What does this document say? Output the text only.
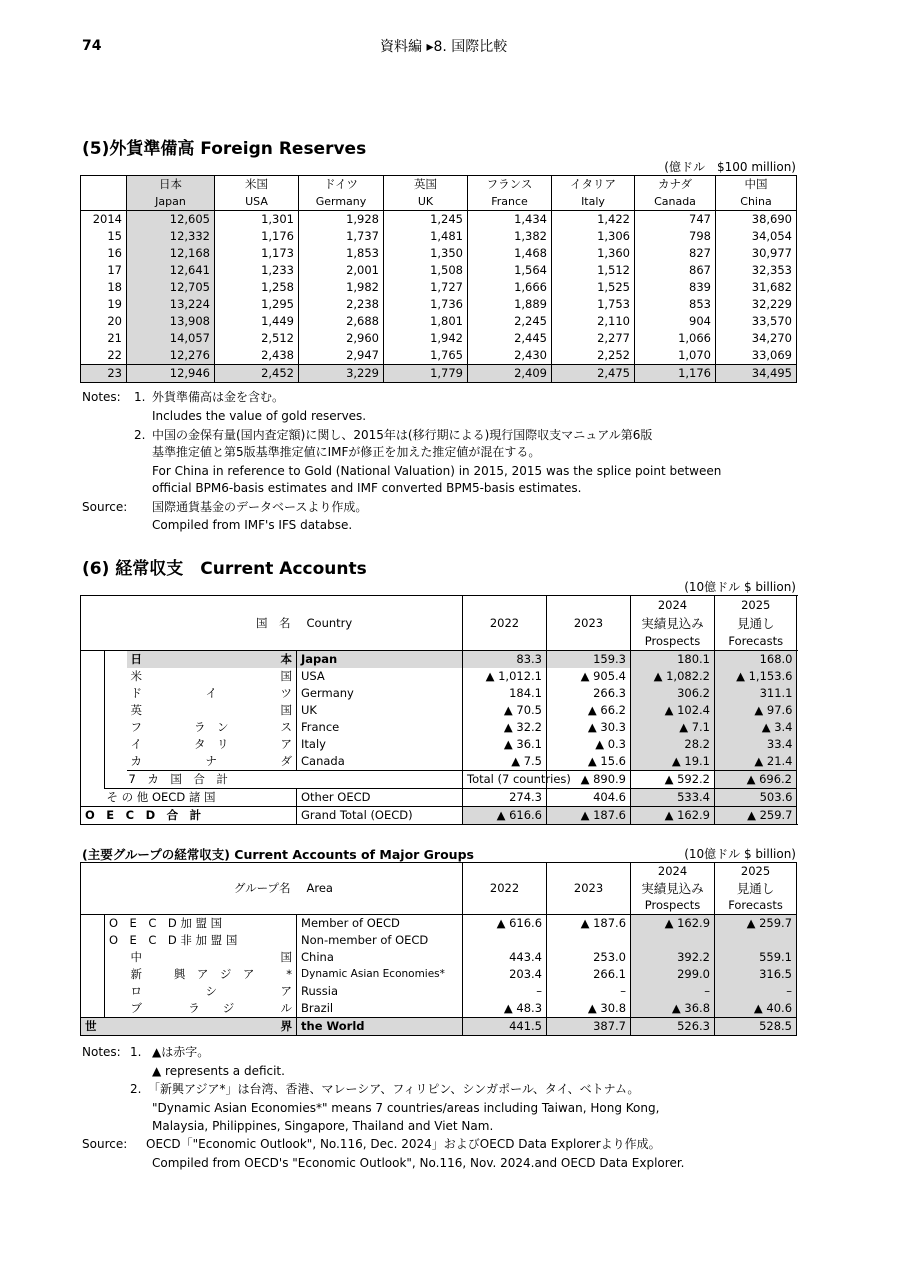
74	資料編 ▸8. 国際比較
(5)外貨準備高 Foreign Reserves
(億ドル　$100 million)
	日本	米国	ドイツ	英国	フランス	イタリア	カナダ	中国
	Japan	USA	Germany	UK	France	Italy	Canada	China
2014	12,605	1,301	1,928	1,245	1,434	1,422	747	38,690
15	12,332	1,176	1,737	1,481	1,382	1,306	798	34,054
16	12,168	1,173	1,853	1,350	1,468	1,360	827	30,977
17	12,641	1,233	2,001	1,508	1,564	1,512	867	32,353
18	12,705	1,258	1,982	1,727	1,666	1,525	839	31,682
19	13,224	1,295	2,238	1,736	1,889	1,753	853	32,229
20	13,908	1,449	2,688	1,801	2,245	2,110	904	33,570
21	14,057	2,512	2,960	1,942	2,445	2,277	1,066	34,270
22	12,276	2,438	2,947	1,765	2,430	2,252	1,070	33,069
23	12,946	2,452	3,229	1,779	2,409	2,475	1,176	34,495
Notes: 1. 外貨準備高は金を含む。
Includes the value of gold reserves.
2. 中国の金保有量(国内査定額)に関し、2015年は(移行期による)現行国際収支マニュアル第6版
基準推定値と第5版基準推定値にIMFが修正を加えた推定値が混在する。
For China in reference to Gold (National Valuation) in 2015, 2015 was the splice point between
official BPM6-basis estimates and IMF converted BPM5-basis estimates.
Source: 国際通貨基金のデータベースより作成。
Compiled from IMF's IFS databse.
(6) 経常収支　Current Accounts
(10億ドル $ billion)
国　名			Country	2022	2023	2024	2025	
						実績見込み	見通し	
						Prospects	Forecasts	

		日 本	Japan	83.3	159.3	180.1	168.0	

		米 国	USA	▲ 1,012.1	▲ 905.4	▲ 1,082.2	▲ 1,153.6	

		ド イ ツ	Germany	184.1	266.3	306.2	311.1	

		英 国	UK	▲ 70.5	▲ 66.2	▲ 102.4	▲ 97.6	

		フ ラ　ン ス	France	▲ 32.2	▲ 30.3	▲ 7.1	▲ 3.4	

		イ タ　リ ア	Italy	▲ 36.1	▲ 0.3	28.2	33.4	

		カ ナ ダ	Canada	▲ 7.5	▲ 15.6	▲ 19.1	▲ 21.4	
		7　カ　国　合　計		Total (7 countries)	▲ 890.9	▲ 592.2	▲ 696.2	
	そ の 他 OECD 諸 国		Other OECD	274.3	404.6	533.4	503.6	
O　E　C　D　合　計			Grand Total (OECD)	▲ 616.6	▲ 187.6	▲ 162.9	▲ 259.7	
(主要グループの経常収支) Current Accounts of Major Groups	(10億ドル $ billion)
グループ名			Area	2022	2023	2024	2025
						実績見込み	見通し
						Prospects	Forecasts
	O　E　C　D 加 盟 国		Member of OECD	▲ 616.6	▲ 187.6	▲ 162.9	▲ 259.7
	O　E　C　D 非 加 盟 国		Non-member of OECD				

		中 国	China	443.4	253.0	392.2	559.1

		新 興　ア　ジ　ア *	Dynamic Asian Economies*	203.4	266.1	299.0	316.5

		ロ シ ア	Russia	–	–	–	–

		ブ ラ　　ジ ル	Brazil	▲ 48.3	▲ 30.8	▲ 36.8	▲ 40.6

世 界			the World	441.5	387.7	526.3	528.5
Notes: 1. ▲は赤字。
▲ represents a deficit.
2. 「新興アジア*」は台湾、香港、マレーシア、フィリピン、シンガポール、タイ、ベトナム。
"Dynamic Asian Economies*" means 7 countries/areas including Taiwan, Hong Kong,
Malaysia, Philippines, Singapore, Thailand and Viet Nam.
Source: OECD「"Economic Outlook", No.116, Dec. 2024」およびOECD Data Explorerより作成。
Compiled from OECD's "Economic Outlook", No.116, Nov. 2024.and OECD Data Explorer.
